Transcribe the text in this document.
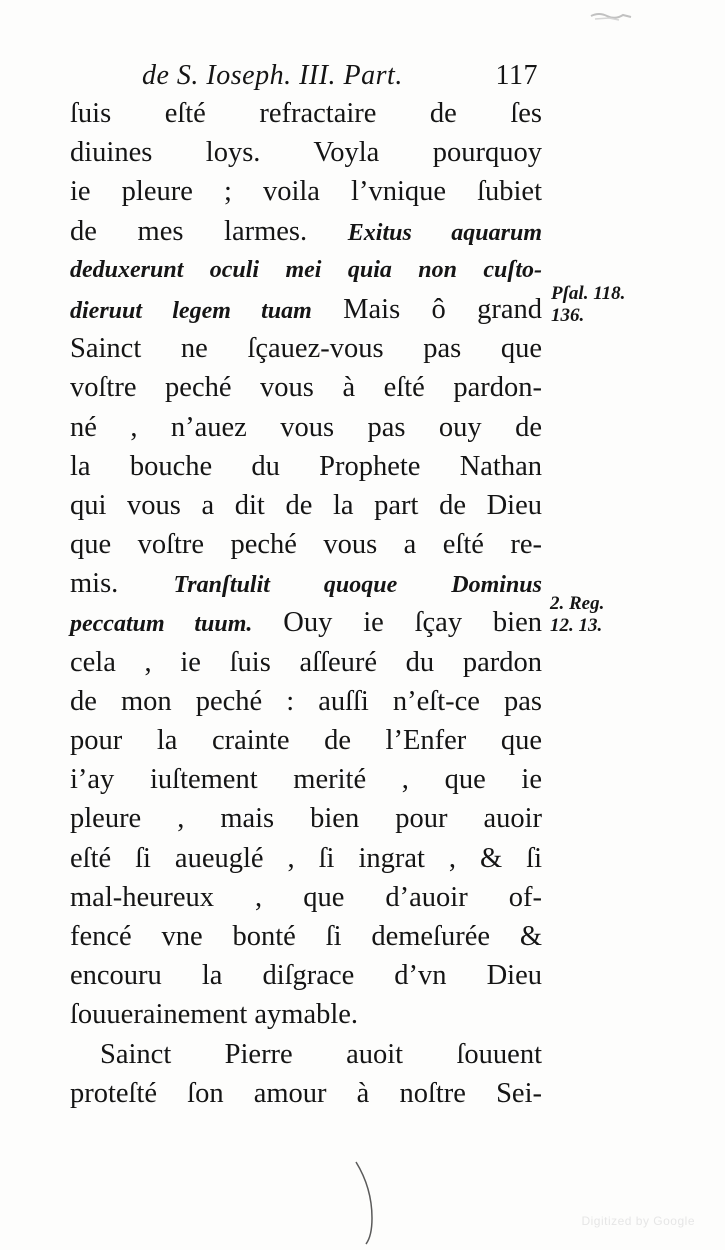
de S. Ioseph. III. Part.	117
ſuis eſté refractaire de ſes
diuines loys. Voyla pourquoy
ie pleure ; voila l’vnique ſubiet
de mes larmes. Exitus aquarum
deduxerunt oculi mei quia non cuſto-
dieruut legem tuam Mais ô grand
Sainct ne ſçauez-vous pas que
voſtre peché vous à eſté pardon-
né , n’auez vous pas ouy de
la bouche du Prophete Nathan
qui vous a dit de la part de Dieu
que voſtre peché vous a eſté re-
mis. Tranſtulit quoque Dominus
peccatum tuum. Ouy ie ſçay bien
cela , ie ſuis aſſeuré du pardon
de mon peché : auſſi n’eſt-ce pas
pour la crainte de l’Enfer que
i’ay iuſtement merité , que ie
pleure , mais bien pour auoir
eſté ſi aueuglé , ſi ingrat , & ſi
mal-heureux , que d’auoir of-
fencé vne bonté ſi demeſurée &
encouru la diſgrace d’vn Dieu
ſouuerainement aymable.
Sainct Pierre auoit ſouuent
proteſté ſon amour à noſtre Sei-
Pſal. 118.
136.
2. Reg.
12. 13.
Digitized by Google
